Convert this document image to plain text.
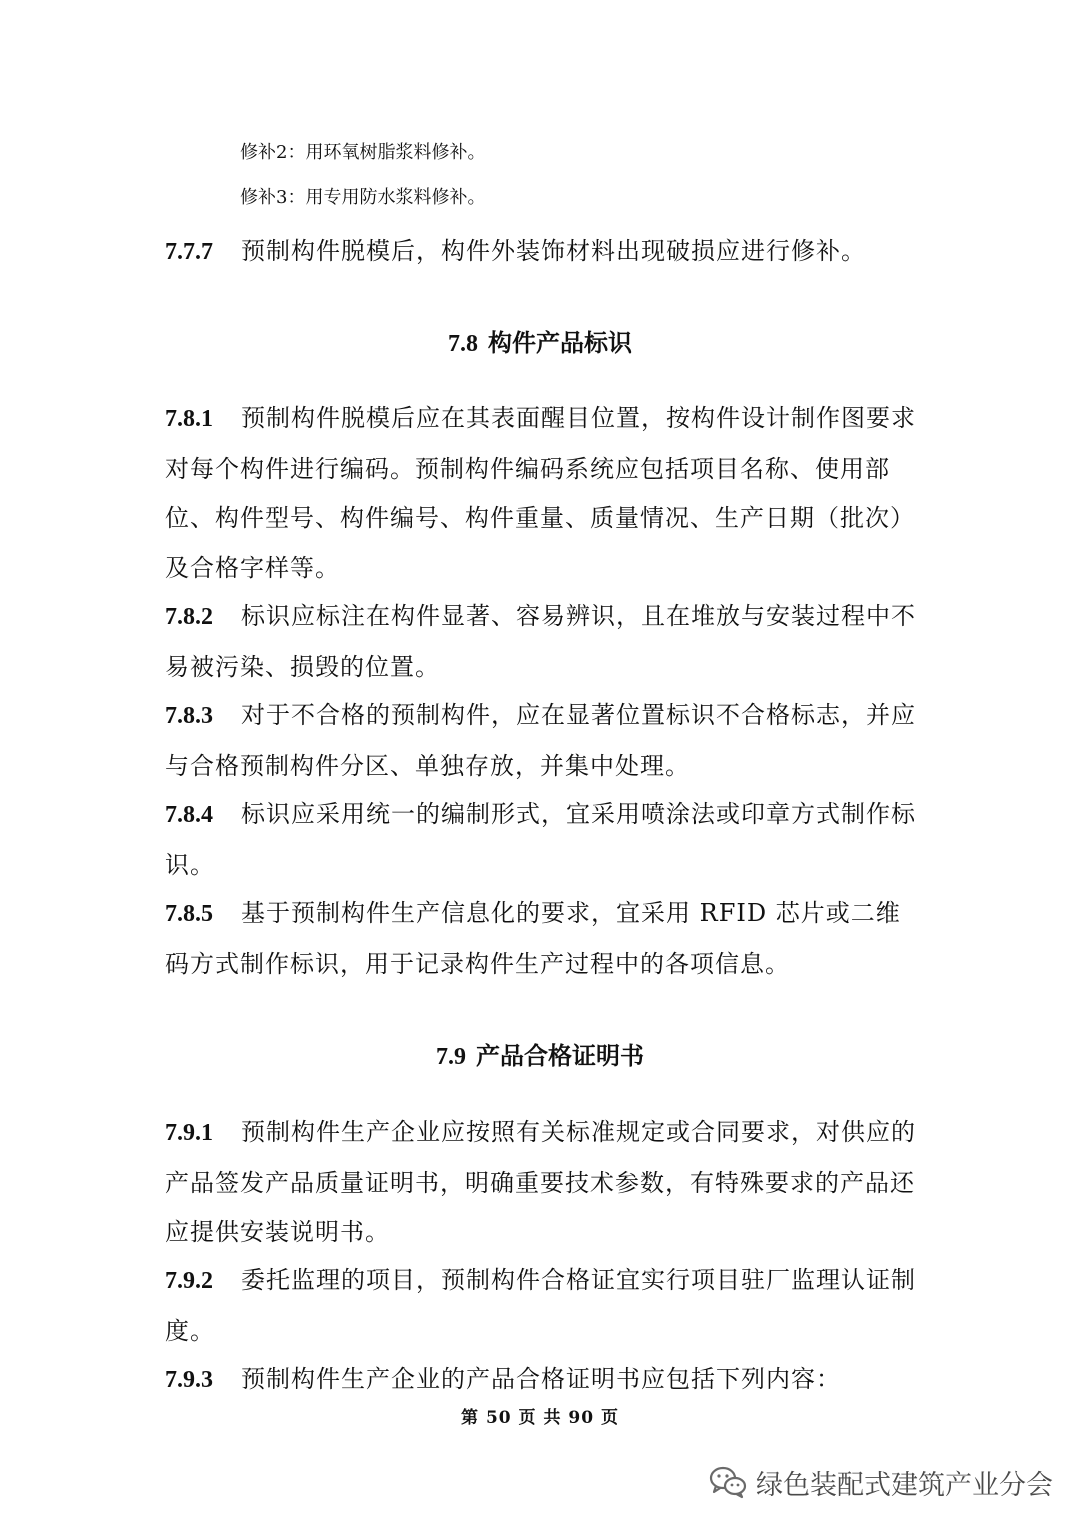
修补2：用环氧树脂浆料修补。
修补3：用专用防水浆料修补。
7.7.7 预制构件脱模后，构件外装饰材料出现破损应进行修补。
7.8 构件产品标识
7.8.1 预制构件脱模后应在其表面醒目位置，按构件设计制作图要求对每个构件进行编码。预制构件编码系统应包括项目名称、使用部位、构件型号、构件编号、构件重量、质量情况、生产日期（批次）及合格字样等。
7.8.2 标识应标注在构件显著、容易辨识，且在堆放与安装过程中不易被污染、损毁的位置。
7.8.3 对于不合格的预制构件，应在显著位置标识不合格标志，并应与合格预制构件分区、单独存放，并集中处理。
7.8.4 标识应采用统一的编制形式，宜采用喷涂法或印章方式制作标识。
7.8.5 基于预制构件生产信息化的要求，宜采用 RFID 芯片或二维码方式制作标识，用于记录构件生产过程中的各项信息。
7.9 产品合格证明书
7.9.1 预制构件生产企业应按照有关标准规定或合同要求，对供应的产品签发产品质量证明书，明确重要技术参数，有特殊要求的产品还应提供安装说明书。
7.9.2 委托监理的项目，预制构件合格证宜实行项目驻厂监理认证制度。
7.9.3 预制构件生产企业的产品合格证明书应包括下列内容：
第 50 页 共 90 页
绿色装配式建筑产业分会
